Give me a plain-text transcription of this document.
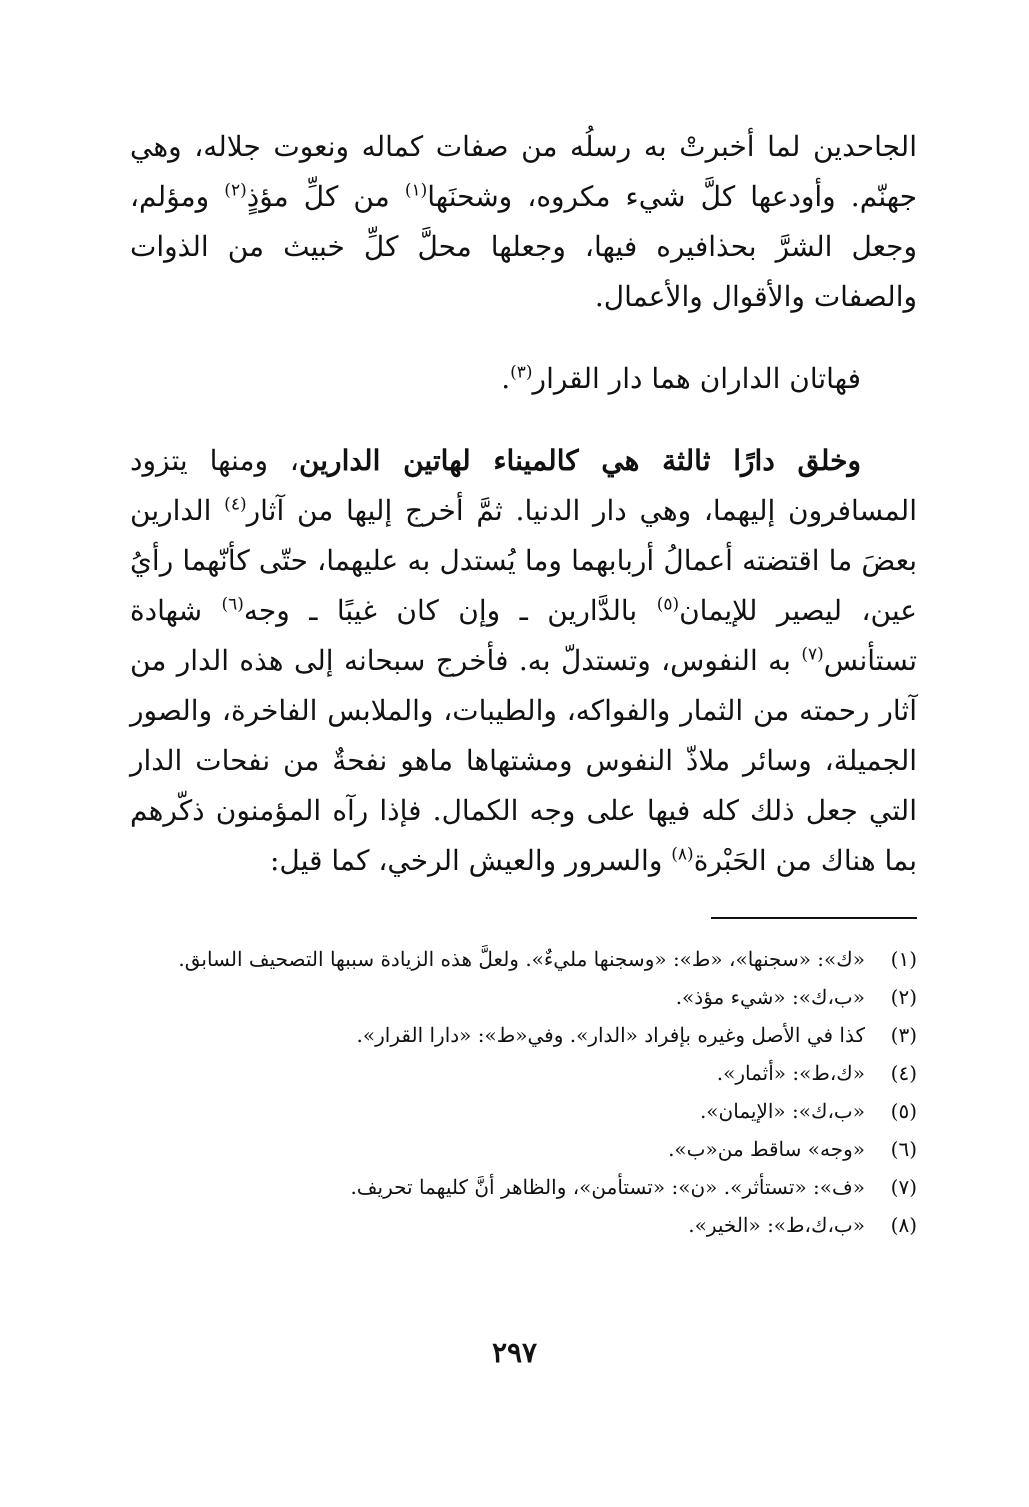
الجاحدين لما أخبرتْ به رسلُه من صفات كماله ونعوت جلاله، وهي جهنّم. وأودعها كلَّ شيء مكروه، وشحنَها$^{(١)}$ من كلِّ مؤذٍ$^{(٢)}$ ومؤلم، وجعل الشرَّ بحذافيره فيها، وجعلها محلَّ كلِّ خبيث من الذوات والصفات والأقوال والأعمال.

  فهاتان الداران هما دار القرار$^{(٣)}$.

  وخلق دارًا ثالثة هي كالميناء لهاتين الدارين، ومنها يتزود المسافرون إليهما، وهي دار الدنيا. ثمَّ أخرج إليها من آثار$^{(٤)}$ الدارين بعضَ ما اقتضته أعمالُ أربابهما وما يُستدل به عليهما، حتّى كأنّهما رأيُ عين، ليصير للإيمان$^{(٥)}$ بالدَّارين ـ وإن كان غيبًا ـ وجه$^{(٦)}$ شهادة تستأنس$^{(٧)}$ به النفوس، وتستدلّ به. فأخرج سبحانه إلى هذه الدار من آثار رحمته من الثمار والفواكه، والطيبات، والملابس الفاخرة، والصور الجميلة، وسائر ملاذّ النفوس ومشتهاها ماهو نفحةٌ من نفحات الدار التي جعل ذلك كله فيها على وجه الكمال. فإذا رآه المؤمنون ذكّرهم بما هناك من الحَبْرة$^{(٨)}$ والسرور والعيش الرخي، كما قيل:

(١)
«ك»: «سجنها»، «ط»: «وسجنها مليءٌ». ولعلَّ هذه الزيادة سببها التصحيف السابق.
(٢)
«ب،ك»: «شيء مؤذ».
(٣)
كذا في الأصل وغيره بإفراد «الدار». وفي«ط»: «دارا القرار».
(٤)
«ك،ط»: «أثمار».
(٥)
«ب،ك»: «الإيمان».
(٦)
«وجه» ساقط من«ب».
(٧)
«ف»: «تستأثر». «ن»: «تستأمن»، والظاهر أنَّ كليهما تحريف.
(٨)
«ب،ك،ط»: «الخير».
٢٩٧
